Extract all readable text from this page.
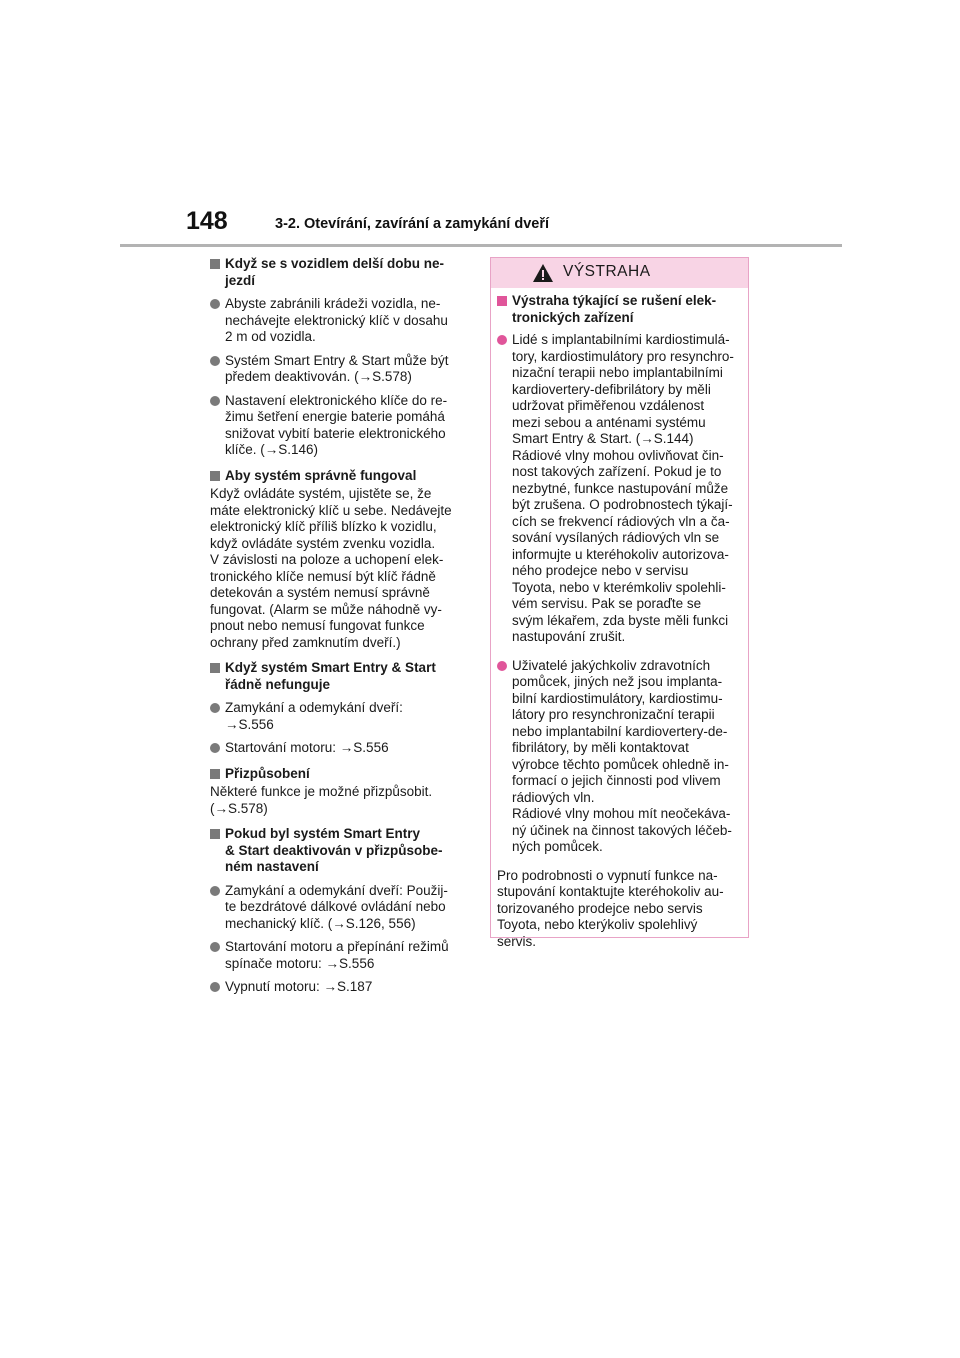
148	3-2. Otevírání, zavírání a zamykání dveří
Když se s vozidlem delší dobu ne-
jezdí
Abyste zabránili krádeži vozidla, ne-
nechávejte elektronický klíč v dosahu
2 m od vozidla.
Systém Smart Entry & Start může být
předem deaktivován. (→S.578)
Nastavení elektronického klíče do re-
žimu šetření energie baterie pomáhá
snižovat vybití baterie elektronického
klíče. (→S.146)
Aby systém správně fungoval
Když ovládáte systém, ujistěte se, že
máte elektronický klíč u sebe. Nedávejte
elektronický klíč příliš blízko k vozidlu,
když ovládáte systém zvenku vozidla.
V závislosti na poloze a uchopení elek-
tronického klíče nemusí být klíč řádně
detekován a systém nemusí správně
fungovat. (Alarm se může náhodně vy-
pnout nebo nemusí fungovat funkce
ochrany před zamknutím dveří.)
Když systém Smart Entry & Start
řádně nefunguje
Zamykání a odemykání dveří:
→S.556
Startování motoru: →S.556
Přizpůsobení
Některé funkce je možné přizpůsobit.
(→S.578)
Pokud byl systém Smart Entry
& Start deaktivován v přizpůsobe-
ném nastavení
Zamykání a odemykání dveří: Použij-
te bezdrátové dálkové ovládání nebo
mechanický klíč. (→S.126, 556)
Startování motoru a přepínání režimů
spínače motoru: →S.556
Vypnutí motoru: →S.187
VÝSTRAHA
Výstraha týkající se rušení elek-
tronických zařízení
Lidé s implantabilními kardiostimulá-
tory, kardiostimulátory pro resynchro-
nizační terapii nebo implantabilními
kardiovertery-defibrilátory by měli
udržovat přiměřenou vzdálenost
mezi sebou a anténami systému
Smart Entry & Start. (→S.144)
Rádiové vlny mohou ovlivňovat čin-
nost takových zařízení. Pokud je to
nezbytné, funkce nastupování může
být zrušena. O podrobnostech týkají-
cích se frekvencí rádiových vln a ča-
sování vysílaných rádiových vln se
informujte u kteréhokoliv autorizova-
ného prodejce nebo v servisu
Toyota, nebo v kterémkoliv spolehli-
vém servisu. Pak se poraďte se
svým lékařem, zda byste měli funkci
nastupování zrušit.
Uživatelé jakýchkoliv zdravotních
pomůcek, jiných než jsou implanta-
bilní kardiostimulátory, kardiostimu-
látory pro resynchronizační terapii
nebo implantabilní kardiovertery-de-
fibrilátory, by měli kontaktovat
výrobce těchto pomůcek ohledně in-
formací o jejich činnosti pod vlivem
rádiových vln.
Rádiové vlny mohou mít neočekáva-
ný účinek na činnost takových léčeb-
ných pomůcek.
Pro podrobnosti o vypnutí funkce na-
stupování kontaktujte kteréhokoliv au-
torizovaného prodejce nebo servis
Toyota, nebo kterýkoliv spolehlivý
servis.
